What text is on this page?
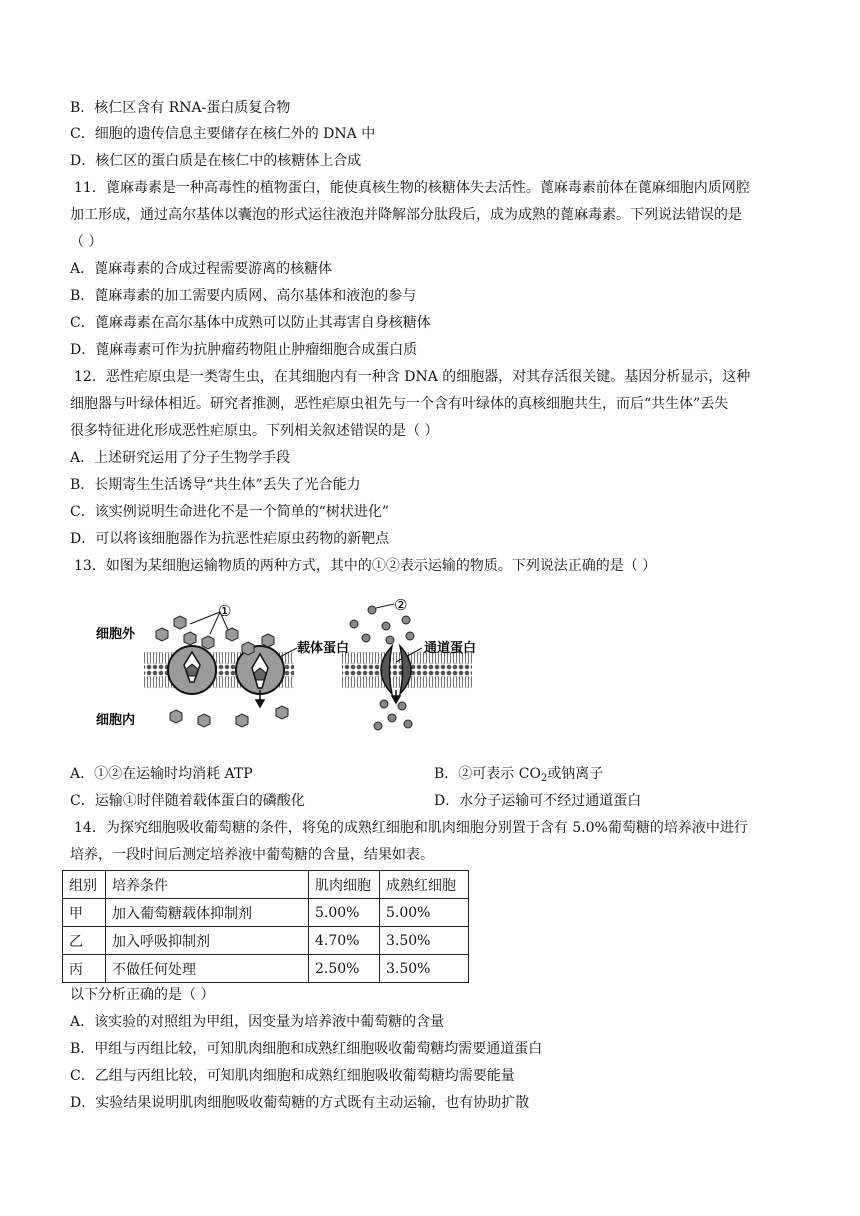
B．核仁区含有 RNA-蛋白质复合物
C．细胞的遗传信息主要储存在核仁外的 DNA 中
D．核仁区的蛋白质是在核仁中的核糖体上合成
11．蓖麻毒素是一种高毒性的植物蛋白，能使真核生物的核糖体失去活性。蓖麻毒素前体在蓖麻细胞内质网腔
加工形成，通过高尔基体以囊泡的形式运往液泡并降解部分肽段后，成为成熟的蓖麻毒素。下列说法错误的是
（ ）
A．蓖麻毒素的合成过程需要游离的核糖体
B．蓖麻毒素的加工需要内质网、高尔基体和液泡的参与
C．蓖麻毒素在高尔基体中成熟可以防止其毒害自身核糖体
D．蓖麻毒素可作为抗肿瘤药物阻止肿瘤细胞合成蛋白质
12．恶性疟原虫是一类寄生虫，在其细胞内有一种含 DNA 的细胞器，对其存活很关键。基因分析显示，这种
细胞器与叶绿体相近。研究者推测，恶性疟原虫祖先与一个含有叶绿体的真核细胞共生，而后“共生体”丢失
很多特征进化形成恶性疟原虫。下列相关叙述错误的是（ ）
A．上述研究运用了分子生物学手段
B．长期寄生生活诱导“共生体”丢失了光合能力
C．该实例说明生命进化不是一个简单的“树状进化”
D．可以将该细胞器作为抗恶性疟原虫药物的新靶点
13．如图为某细胞运输物质的两种方式，其中的①②表示运输的物质。下列说法正确的是（ ）
细胞外
细胞内
载体蛋白	通道蛋白
①	②
A．①②在运输时均消耗 ATP	B．②可表示 $CO_2$或钠离子
C．运输①时伴随着载体蛋白的磷酸化	D．水分子运输可不经过通道蛋白
14．为探究细胞吸收葡萄糖的条件，将兔的成熟红细胞和肌肉细胞分别置于含有 5.0%葡萄糖的培养液中进行
培养，一段时间后测定培养液中葡萄糖的含量，结果如表。
组别	培养条件	肌肉细胞	成熟红细胞
甲	加入葡萄糖载体抑制剂	5.00%	5.00%
乙	加入呼吸抑制剂	4.70%	3.50%
丙	不做任何处理	2.50%	3.50%
以下分析正确的是（ ）
A．该实验的对照组为甲组，因变量为培养液中葡萄糖的含量
B．甲组与丙组比较，可知肌肉细胞和成熟红细胞吸收葡萄糖均需要通道蛋白
C．乙组与丙组比较，可知肌肉细胞和成熟红细胞吸收葡萄糖均需要能量
D．实验结果说明肌肉细胞吸收葡萄糖的方式既有主动运输，也有协助扩散
